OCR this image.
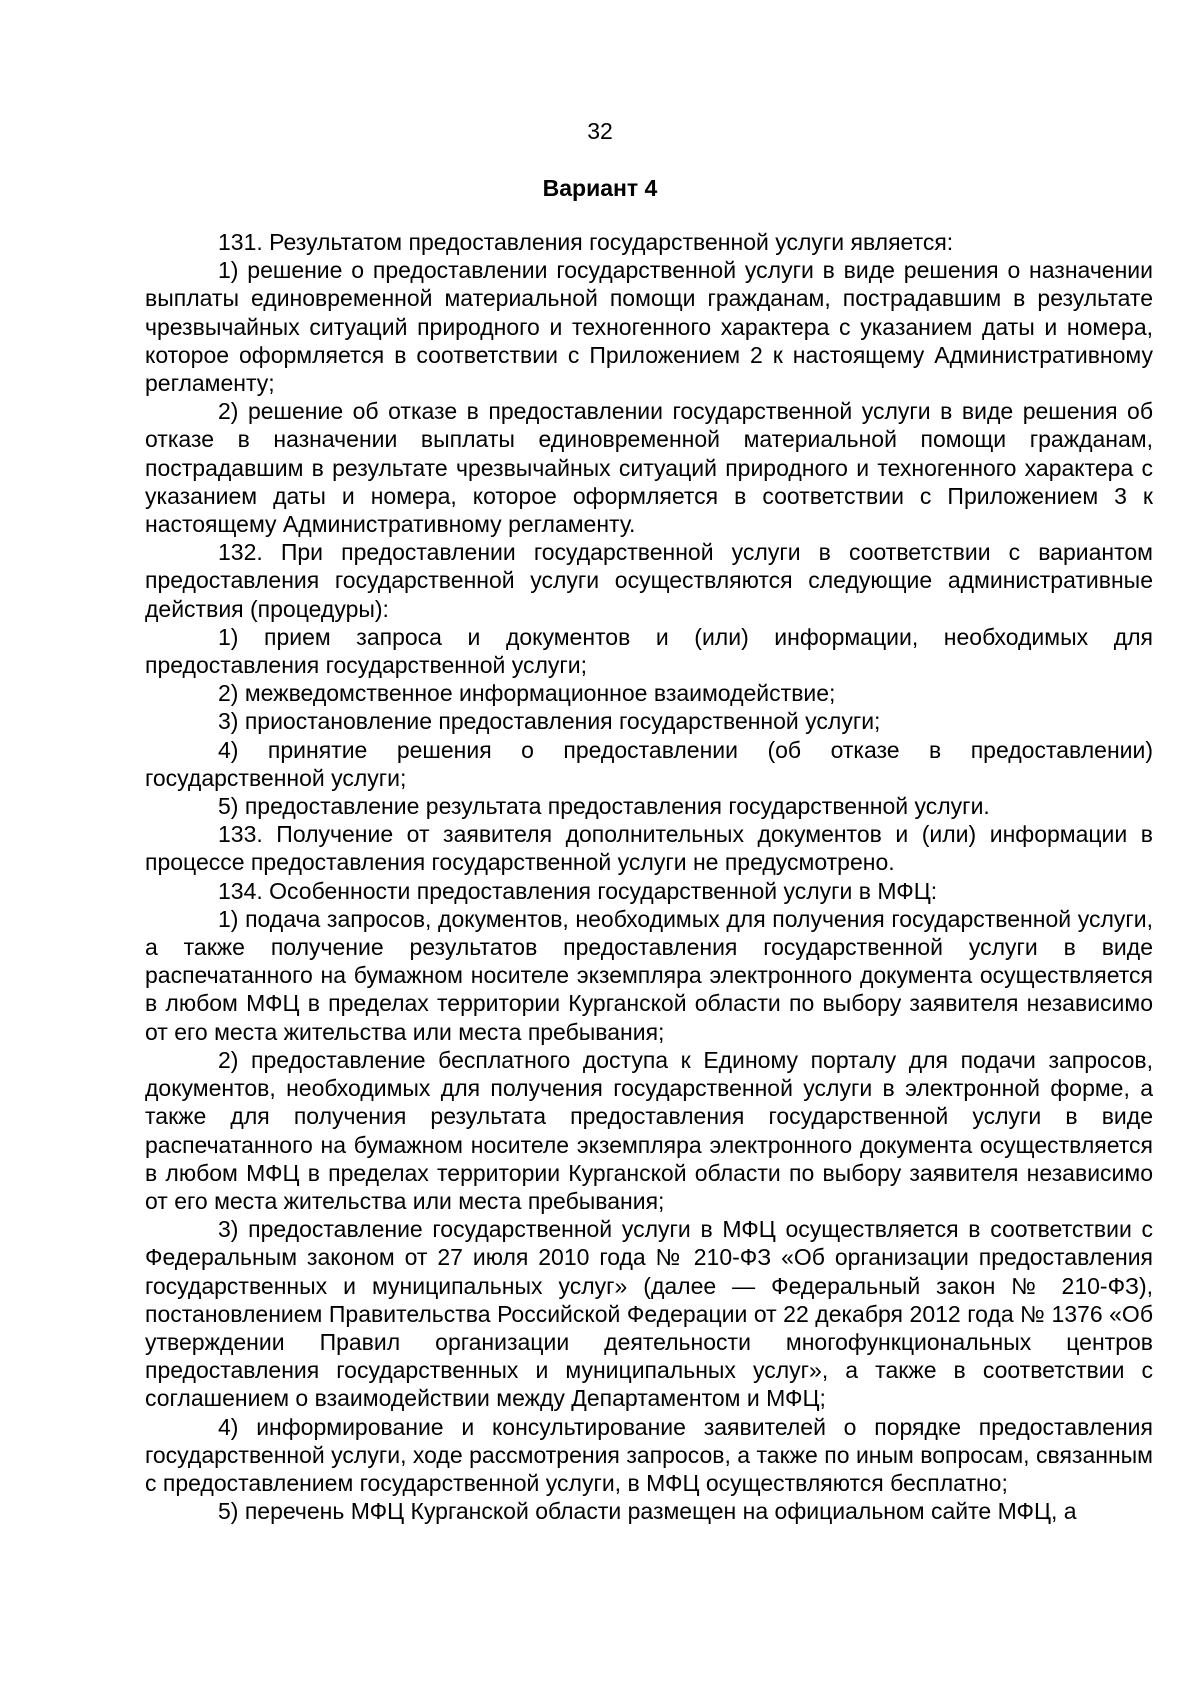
32

Вариант 4

131. Результатом предоставления государственной услуги является:

1) решение о предоставлении государственной услуги в виде решения о назначении выплаты единовременной материальной помощи гражданам, пострадавшим в результате чрезвычайных ситуаций природного и техногенного характера с указанием даты и номера, которое оформляется в соответствии с Приложением 2 к настоящему Административному регламенту;

2) решение об отказе в предоставлении государственной услуги в виде решения об отказе в назначении выплаты единовременной материальной помощи гражданам, пострадавшим в результате чрезвычайных ситуаций природного и техногенного характера с указанием даты и номера, которое оформляется в соответствии с Приложением 3 к настоящему Административному регламенту.

132. При предоставлении государственной услуги в соответствии с вариантом предоставления государственной услуги осуществляются следующие административные действия (процедуры):

1) прием запроса и документов и (или) информации, необходимых для предоставления государственной услуги;

2) межведомственное информационное взаимодействие;

3) приостановление предоставления государственной услуги;

4) принятие решения о предоставлении (об отказе в предоставлении) государственной услуги;

5) предоставление результата предоставления государственной услуги.

133. Получение от заявителя дополнительных документов и (или) информации в процессе предоставления государственной услуги не предусмотрено.

134. Особенности предоставления государственной услуги в МФЦ:

1) подача запросов, документов, необходимых для получения государственной услуги, а также получение результатов предоставления государственной услуги в виде распечатанного на бумажном носителе экземпляра электронного документа осуществляется в любом МФЦ в пределах территории Курганской области по выбору заявителя независимо от его места жительства или места пребывания;

2) предоставление бесплатного доступа к Единому порталу для подачи запросов, документов, необходимых для получения государственной услуги в электронной форме, а также для получения результата предоставления государственной услуги в виде распечатанного на бумажном носителе экземпляра электронного документа осуществляется в любом МФЦ в пределах территории Курганской области по выбору заявителя независимо от его места жительства или места пребывания;

3) предоставление государственной услуги в МФЦ осуществляется в соответствии с Федеральным законом от 27 июля 2010 года № 210-ФЗ «Об организации предоставления государственных и муниципальных услуг» (далее — Федеральный закон № 210-ФЗ), постановлением Правительства Российской Федерации от 22 декабря 2012 года № 1376 «Об утверждении Правил организации деятельности многофункциональных центров предоставления государственных и муниципальных услуг», а также в соответствии с соглашением о взаимодействии между Департаментом и МФЦ;

4) информирование и консультирование заявителей о порядке предоставления государственной услуги, ходе рассмотрения запросов, а также по иным вопросам, связанным с предоставлением государственной услуги, в МФЦ осуществляются бесплатно;

5) перечень МФЦ Курганской области размещен на официальном сайте МФЦ, а
